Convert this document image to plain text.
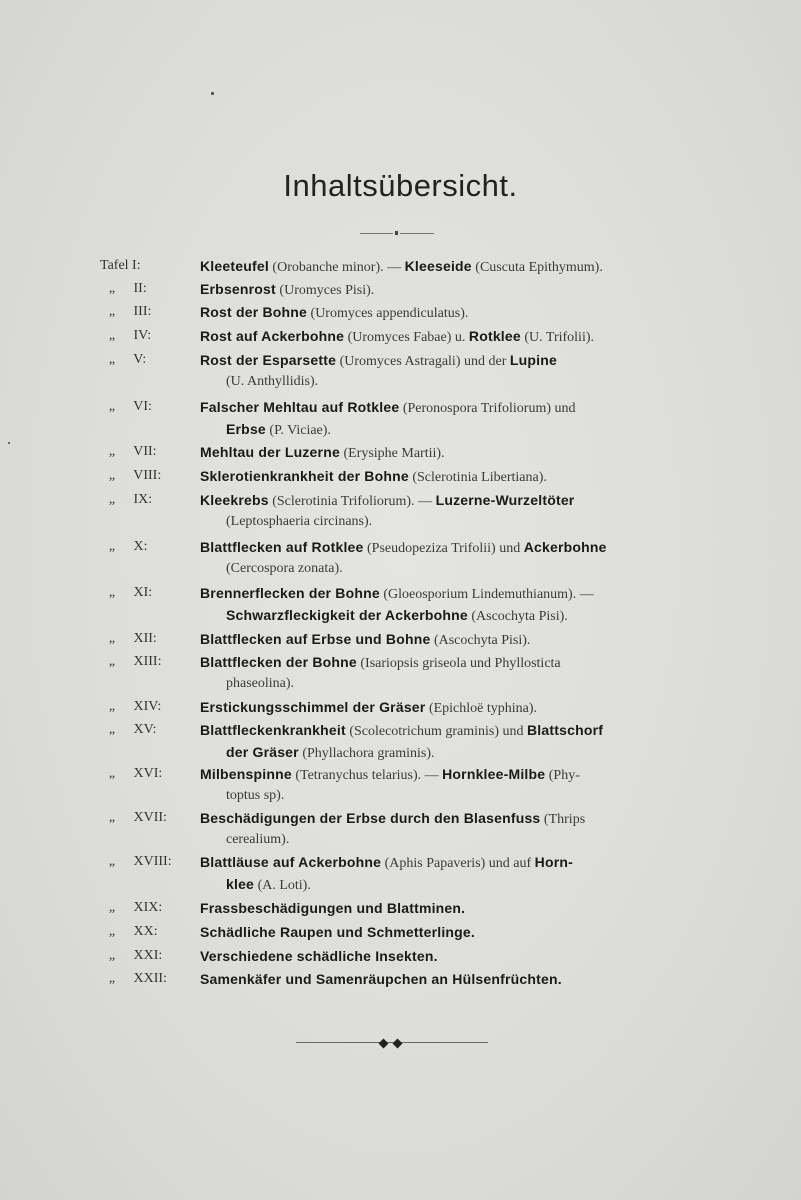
Inhaltsübersicht.
Tafel I:	Kleeteufel (Orobanche minor). — Kleeseide (Cuscuta Epithymum).
„ II:	Erbsenrost (Uromyces Pisi).
„ III:	Rost der Bohne (Uromyces appendiculatus).
„ IV:	Rost auf Ackerbohne (Uromyces Fabae) u. Rotklee (U. Trifolii).
„ V:	Rost der Esparsette (Uromyces Astragali) und der Lupine
(U. Anthyllidis).
„ VI:	Falscher Mehltau auf Rotklee (Peronospora Trifoliorum) und
Erbse (P. Viciae).
„ VII:	Mehltau der Luzerne (Erysiphe Martii).
„ VIII:	Sklerotienkrankheit der Bohne (Sclerotinia Libertiana).
„ IX:	Kleekrebs (Sclerotinia Trifoliorum). — Luzerne-Wurzeltöter
(Leptosphaeria circinans).
„ X:	Blattflecken auf Rotklee (Pseudopeziza Trifolii) und Ackerbohne
(Cercospora zonata).
„ XI:	Brennerflecken der Bohne (Gloeosporium Lindemuthianum). —
Schwarzfleckigkeit der Ackerbohne (Ascochyta Pisi).
„ XII:	Blattflecken auf Erbse und Bohne (Ascochyta Pisi).
„ XIII:	Blattflecken der Bohne (Isariopsis griseola und Phyllosticta
phaseolina).
„ XIV:	Erstickungsschimmel der Gräser (Epichloë typhina).
„ XV:	Blattfleckenkrankheit (Scolecotrichum graminis) und Blattschorf
der Gräser (Phyllachora graminis).
„ XVI:	Milbenspinne (Tetranychus telarius). — Hornklee-Milbe (Phy-
toptus sp).
„ XVII:	Beschädigungen der Erbse durch den Blasenfuss (Thrips
cerealium).
„ XVIII:	Blattläuse auf Ackerbohne (Aphis Papaveris) und auf Horn-
klee (A. Loti).
„ XIX:	Frassbeschädigungen und Blattminen.
„ XX:	Schädliche Raupen und Schmetterlinge.
„ XXI:	Verschiedene schädliche Insekten.
„ XXII:	Samenkäfer und Samenräupchen an Hülsenfrüchten.
